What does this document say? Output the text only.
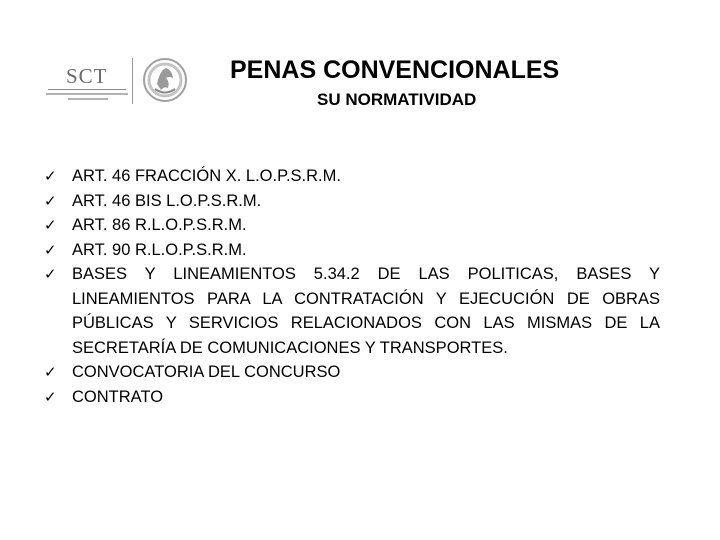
SCT	PENAS CONVENCIONALES
SU NORMATIVIDAD
✓ ART. 46 FRACCIÓN X. L.O.P.S.R.M.
✓ ART. 46 BIS L.O.P.S.R.M.
✓ ART. 86 R.L.O.P.S.R.M.
✓ ART. 90 R.L.O.P.S.R.M.
✓ BASES Y LINEAMIENTOS 5.34.2 DE LAS POLITICAS, BASES Y LINEAMIENTOS PARA LA CONTRATACIÓN Y EJECUCIÓN DE OBRAS PÚBLICAS Y SERVICIOS RELACIONADOS CON LAS MISMAS DE LA SECRETARÍA DE COMUNICACIONES Y TRANSPORTES.
✓ CONVOCATORIA DEL CONCURSO
✓ CONTRATO
